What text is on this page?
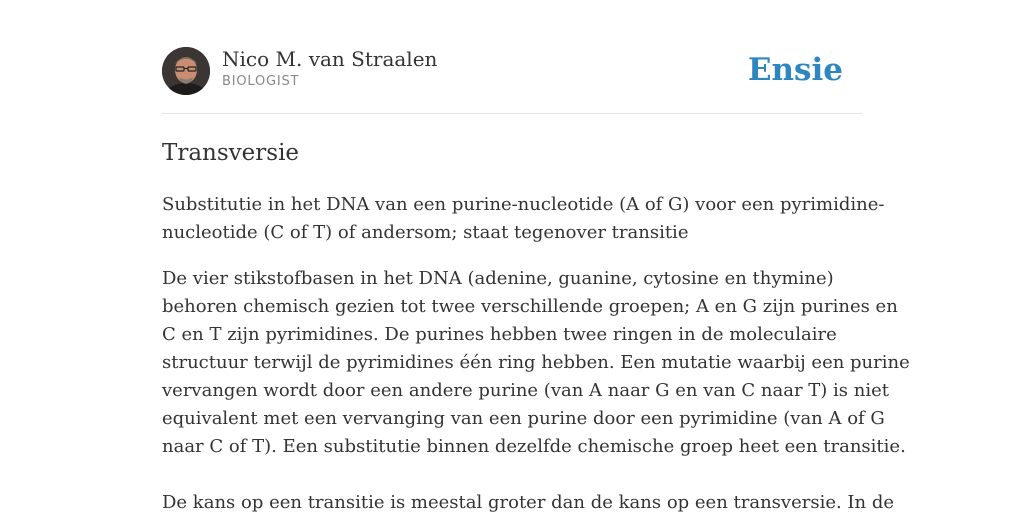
Nico M. van Straalen
BIOLOGIST	Ensie
Transversie
Substitutie in het DNA van een purine-nucleotide (A of G) voor een pyrimidine-
nucleotide (C of T) of andersom; staat tegenover transitie

De vier stikstofbasen in het DNA (adenine, guanine, cytosine en thymine)
behoren chemisch gezien tot twee verschillende groepen; A en G zijn purines en
C en T zijn pyrimidines. De purines hebben twee ringen in de moleculaire
structuur terwijl de pyrimidines één ring hebben. Een mutatie waarbij een purine
vervangen wordt door een andere purine (van A naar G en van C naar T) is niet
equivalent met een vervanging van een purine door een pyrimidine (van A of G
naar C of T). Een substitutie binnen dezelfde chemische groep heet een transitie.

De kans op een transitie is meestal groter dan de kans op een transversie. In de
